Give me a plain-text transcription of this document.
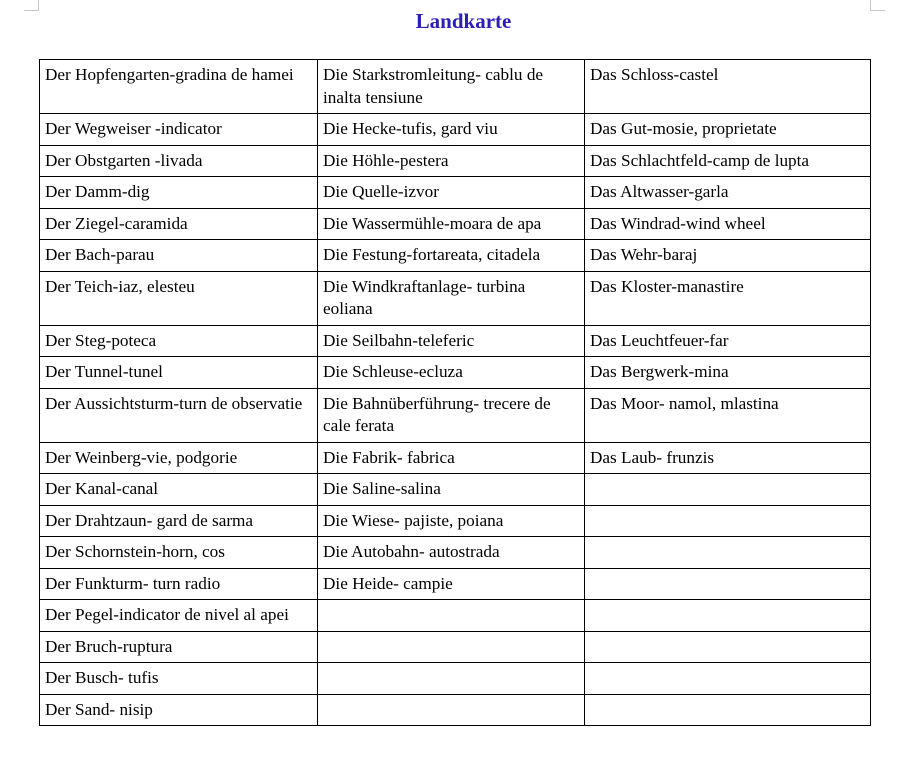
Landkarte
Der Hopfengarten-gradina de hamei	Die Starkstromleitung- cablu de inalta tensiune	Das Schloss-castel
Der Wegweiser -indicator	Die Hecke-tufis, gard viu	Das Gut-mosie, proprietate
Der Obstgarten -livada	Die Höhle-pestera	Das Schlachtfeld-camp de lupta
Der Damm-dig	Die Quelle-izvor	Das Altwasser-garla
Der Ziegel-caramida	Die Wassermühle-moara de apa	Das Windrad-wind wheel
Der Bach-parau	Die Festung-fortareata, citadela	Das Wehr-baraj
Der Teich-iaz, elesteu	Die Windkraftanlage- turbina eoliana	Das Kloster-manastire
Der Steg-poteca	Die Seilbahn-teleferic	Das Leuchtfeuer-far
Der Tunnel-tunel	Die Schleuse-ecluza	Das Bergwerk-mina
Der Aussichtsturm-turn de observatie	Die Bahnüberführung- trecere de cale ferata	Das Moor- namol, mlastina
Der Weinberg-vie, podgorie	Die Fabrik- fabrica	Das Laub- frunzis
Der Kanal-canal	Die Saline-salina	
Der Drahtzaun- gard de sarma	Die Wiese- pajiste, poiana	
Der Schornstein-horn, cos	Die Autobahn- autostrada	
Der Funkturm- turn radio	Die Heide- campie	
Der Pegel-indicator de nivel al apei		
Der Bruch-ruptura		
Der Busch- tufis		
Der Sand- nisip		
